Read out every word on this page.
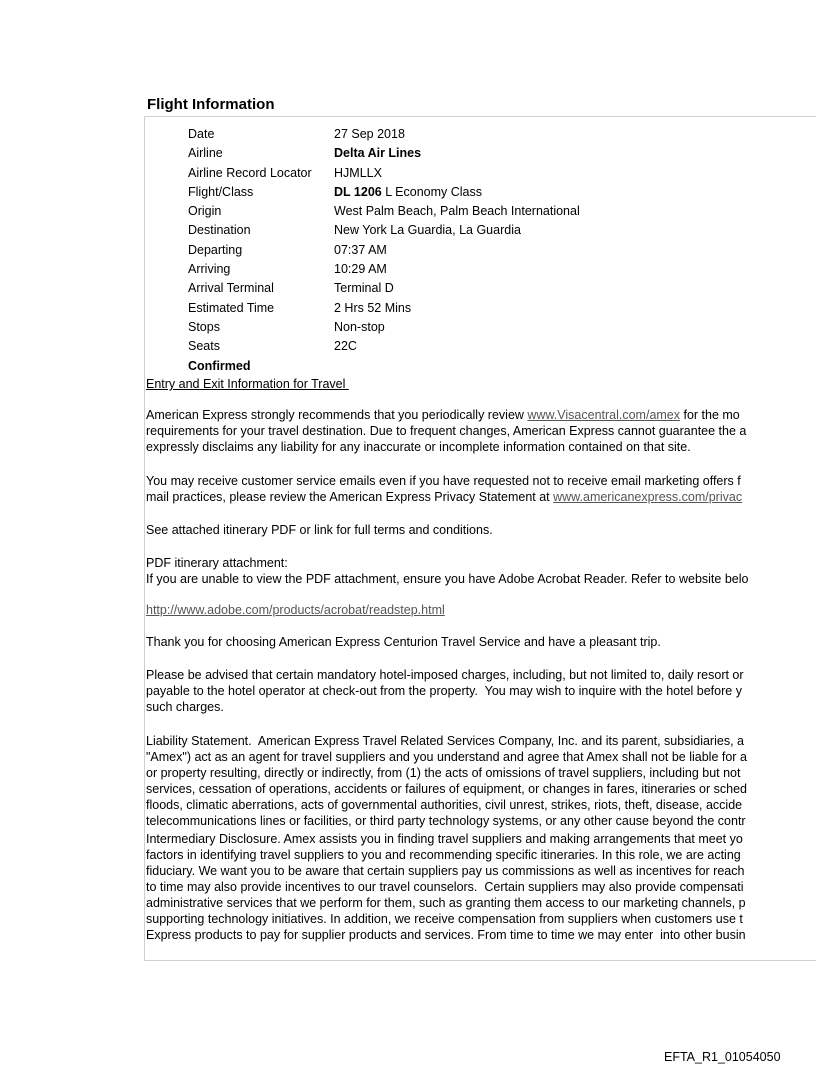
Flight Information
Date	27 Sep 2018
Airline	Delta Air Lines
Airline Record Locator HJMLLX
Flight/Class	DL 1206 L Economy Class
Origin	West Palm Beach, Palm Beach International
Destination	New York La Guardia, La Guardia
Departing	07:37 AM
Arriving	10:29 AM
Arrival Terminal	Terminal D
Estimated Time	2 Hrs 52 Mins
Stops	Non-stop
Seats	22C
Confirmed
Entry and Exit Information for Travel
American Express strongly recommends that you periodically review www.Visacentral.com/amex for the mo
requirements for your travel destination. Due to frequent changes, American Express cannot guarantee the a
expressly disclaims any liability for any inaccurate or incomplete information contained on that site.
You may receive customer service emails even if you have requested not to receive email marketing offers f
mail practices, please review the American Express Privacy Statement at www.americanexpress.com/privac
See attached itinerary PDF or link for full terms and conditions.
PDF itinerary attachment:
If you are unable to view the PDF attachment, ensure you have Adobe Acrobat Reader. Refer to website belo
http://www.adobe.com/products/acrobat/readstep.html
Thank you for choosing American Express Centurion Travel Service and have a pleasant trip.
Please be advised that certain mandatory hotel-imposed charges, including, but not limited to, daily resort or
payable to the hotel operator at check-out from the property.  You may wish to inquire with the hotel before y
such charges.
Liability Statement.  American Express Travel Related Services Company, Inc. and its parent, subsidiaries, a
"Amex") act as an agent for travel suppliers and you understand and agree that Amex shall not be liable for a
or property resulting, directly or indirectly, from (1) the acts of omissions of travel suppliers, including but not
services, cessation of operations, accidents or failures of equipment, or changes in fares, itineraries or sched
floods, climatic aberrations, acts of governmental authorities, civil unrest, strikes, riots, theft, disease, accide
telecommunications lines or facilities, or third party technology systems, or any other cause beyond the contr
Intermediary Disclosure. Amex assists you in finding travel suppliers and making arrangements that meet yo
factors in identifying travel suppliers to you and recommending specific itineraries. In this role, we are acting
fiduciary. We want you to be aware that certain suppliers pay us commissions as well as incentives for reach
to time may also provide incentives to our travel counselors.  Certain suppliers may also provide compensati
administrative services that we perform for them, such as granting them access to our marketing channels, p
supporting technology initiatives. In addition, we receive compensation from suppliers when customers use t
Express products to pay for supplier products and services. From time to time we may enter  into other busin
EFTA_R1_01054050
